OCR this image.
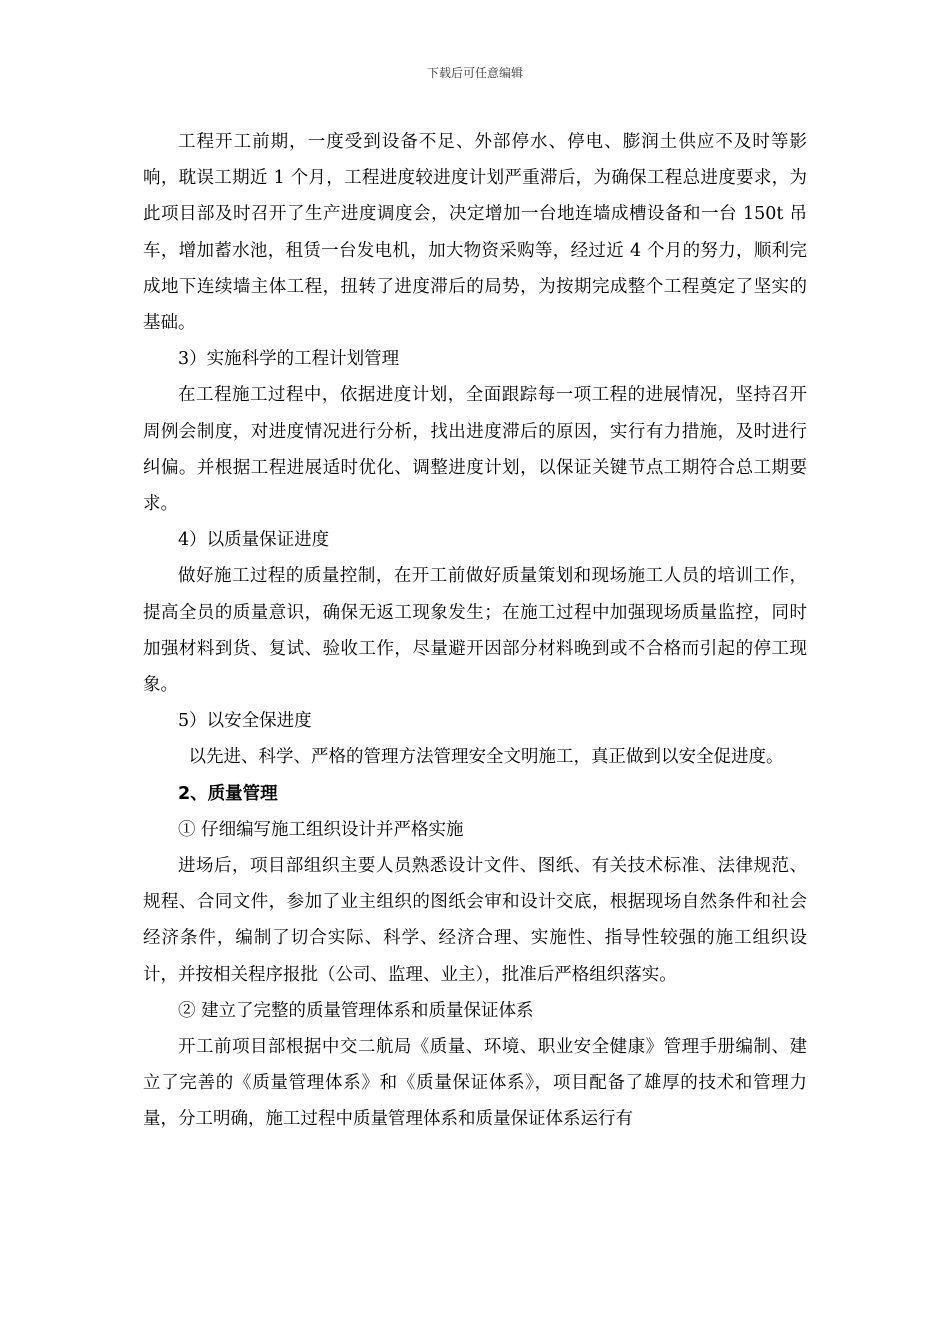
下载后可任意编辑

工程开工前期，一度受到设备不足、外部停水、停电、膨润土供应不及时等影响，耽误工期近 1 个月，工程进度较进度计划严重滞后，为确保工程总进度要求，为此项目部及时召开了生产进度调度会，决定增加一台地连墙成槽设备和一台 150t 吊车，增加蓄水池，租赁一台发电机，加大物资采购等，经过近 4 个月的努力，顺利完成地下连续墙主体工程，扭转了进度滞后的局势，为按期完成整个工程奠定了坚实的基础。

3）实施科学的工程计划管理

在工程施工过程中，依据进度计划，全面跟踪每一项工程的进展情况，坚持召开周例会制度，对进度情况进行分析，找出进度滞后的原因，实行有力措施，及时进行纠偏。并根据工程进展适时优化、调整进度计划，以保证关键节点工期符合总工期要求。

4）以质量保证进度

做好施工过程的质量控制，在开工前做好质量策划和现场施工人员的培训工作，提高全员的质量意识，确保无返工现象发生；在施工过程中加强现场质量监控，同时加强材料到货、复试、验收工作，尽量避开因部分材料晚到或不合格而引起的停工现象。

5）以安全保进度

以先进、科学、严格的管理方法管理安全文明施工，真正做到以安全促进度。

2、质量管理

① 仔细编写施工组织设计并严格实施

进场后，项目部组织主要人员熟悉设计文件、图纸、有关技术标准、法律规范、规程、合同文件，参加了业主组织的图纸会审和设计交底，根据现场自然条件和社会经济条件，编制了切合实际、科学、经济合理、实施性、指导性较强的施工组织设计，并按相关程序报批（公司、监理、业主），批准后严格组织落实。

② 建立了完整的质量管理体系和质量保证体系

开工前项目部根据中交二航局《质量、环境、职业安全健康》管理手册编制、建立了完善的《质量管理体系》和《质量保证体系》，项目配备了雄厚的技术和管理力量，分工明确，施工过程中质量管理体系和质量保证体系运行有
